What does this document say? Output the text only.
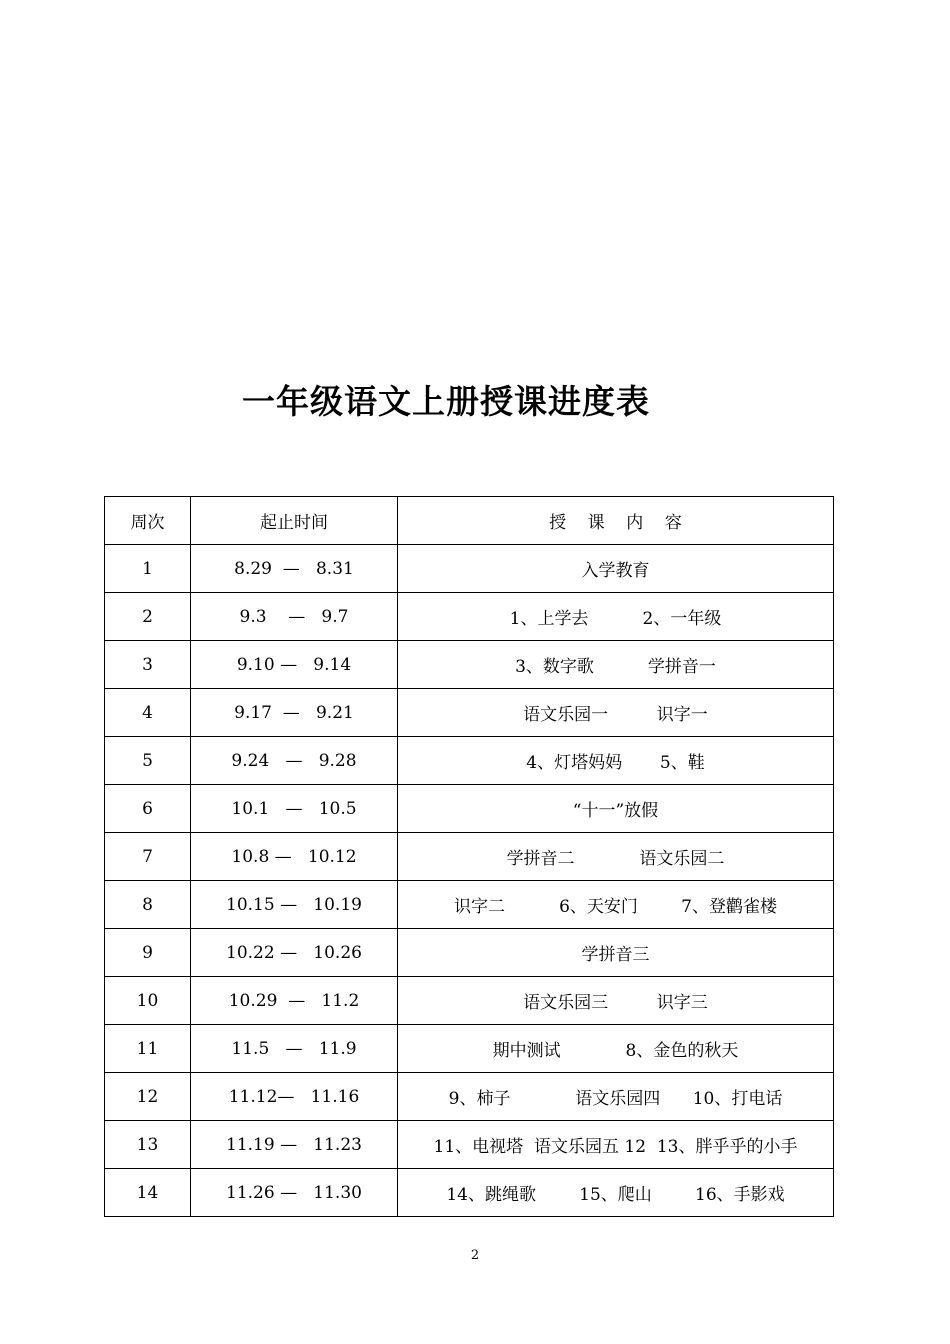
一年级语文上册授课进度表
周次	起止时间	授    课    内    容
1	8.29  —   8.31	入学教育
2	9.3    —   9.7	1、上学去          2、一年级
3	9.10 —   9.14	3、数字歌          学拼音一
4	9.17  —   9.21	语文乐园一         识字一
5	9.24   —   9.28	4、灯塔妈妈       5、鞋
6	10.1   —   10.5	“十一”放假
7	10.8 —   10.12	学拼音二            语文乐园二
8	10.15 —   10.19	识字二          6、天安门        7、登鹳雀楼
9	10.22 —   10.26	学拼音三
10	10.29  —   11.2	语文乐园三         识字三
11	11.5   —   11.9	期中测试            8、金色的秋天
12	11.12—   11.16	9、柿子            语文乐园四      10、打电话
13	11.19 —   11.23	11、电视塔  语文乐园五 12  13、胖乎乎的小手
14	11.26 —   11.30	14、跳绳歌        15、爬山        16、手影戏
2
